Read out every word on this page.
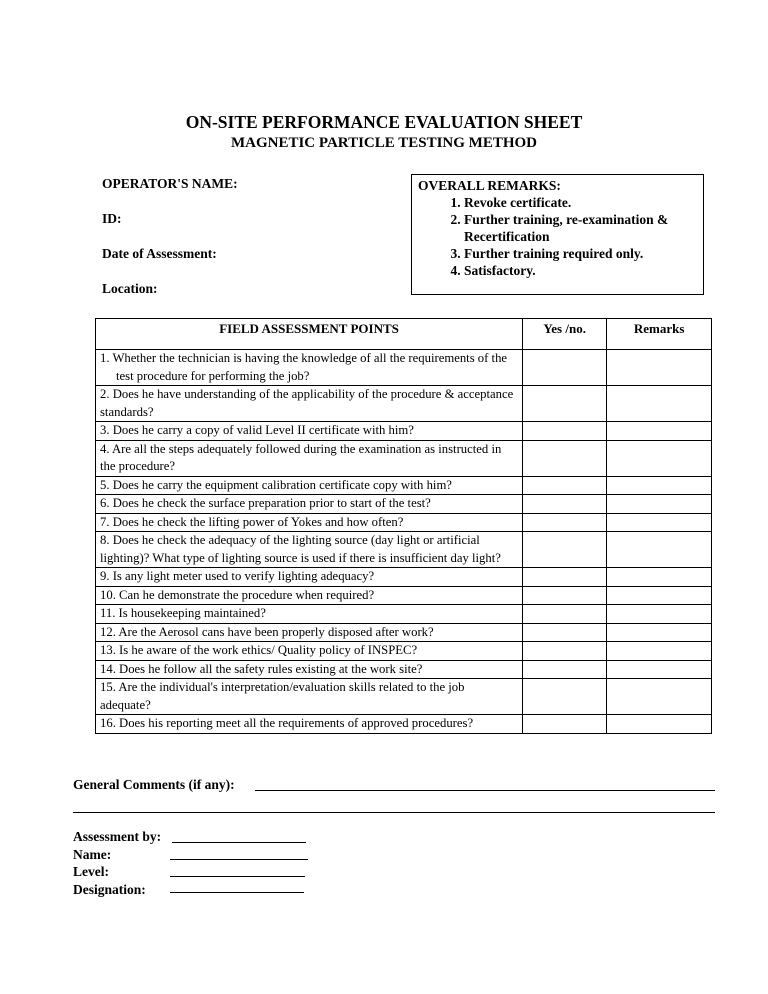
ON-SITE PERFORMANCE EVALUATION SHEET
MAGNETIC PARTICLE TESTING METHOD
OPERATOR'S NAME:
ID:
Date of Assessment:
Location:
OVERALL REMARKS:
1. Revoke certificate.
2. Further training, re-examination & Recertification
3. Further training required only.
4. Satisfactory.
FIELD ASSESSMENT POINTS	Yes /no.	Remarks

1. Whether the technician is having the knowledge of all the requirements of the test procedure for performing the job?		

2. Does he have understanding of the applicability of the procedure & acceptance standards?		
3. Does he carry a copy of valid Level II certificate with him?		
4. Are all the steps adequately followed during the examination as instructed in the procedure?		
5. Does he carry the equipment calibration certificate copy with him?		
6. Does he check the surface preparation prior to start of the test?		
7. Does he check the lifting power of Yokes and how often?		
8. Does he check the adequacy of the lighting source (day light or artificial lighting)? What type of lighting source is used if there is insufficient day light?		
9. Is any light meter used to verify lighting adequacy?		
10. Can he demonstrate the procedure when required?		
11. Is housekeeping maintained?		
12. Are the Aerosol cans have been properly disposed after work?		
13. Is he aware of the work ethics/ Quality policy of INSPEC?		
14. Does he follow all the safety rules existing at the work site?		
15. Are the individual's interpretation/evaluation skills related to the job adequate?		
16. Does his reporting meet all the requirements of approved procedures?		
General Comments (if any):
Assessment by:
Name:
Level:
Designation:
